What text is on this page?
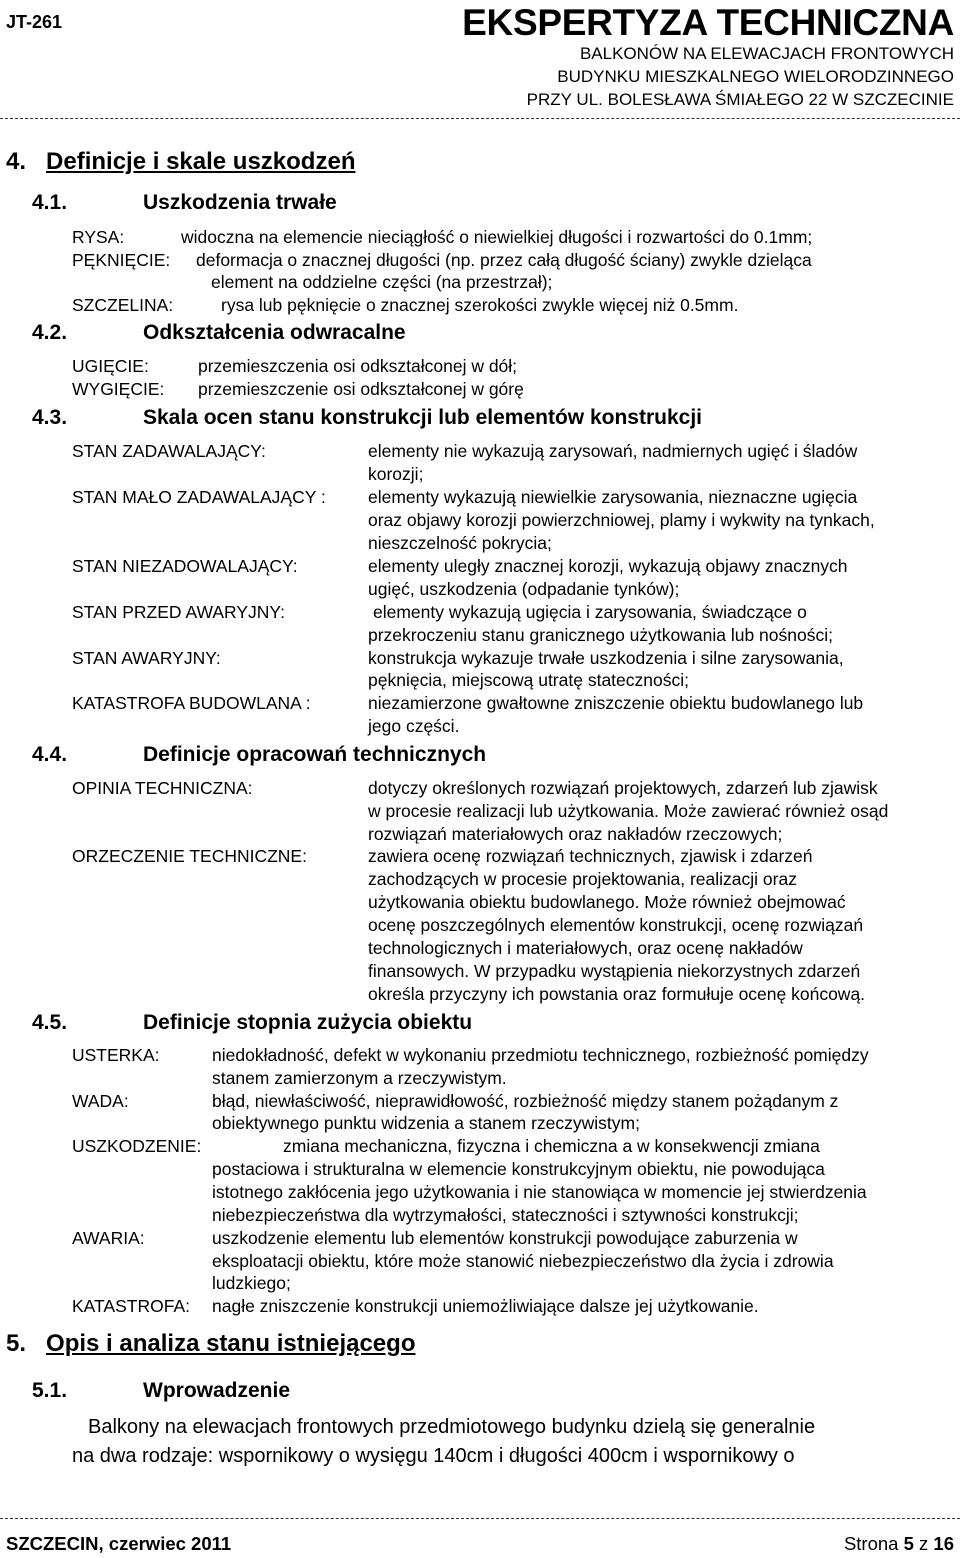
JT-261	EKSPERTYZA TECHNICZNA
BALKONÓW NA ELEWACJACH FRONTOWYCH
BUDYNKU MIESZKALNEGO WIELORODZINNEGO
PRZY UL. BOLESŁAWA ŚMIAŁEGO 22 W SZCZECINIE
4. Definicje i skale uszkodzeń
4.1.	Uszkodzenia trwałe
RYSA:	widoczna na elemencie nieciągłość o niewielkiej długości i rozwartości do 0.1mm;
PĘKNIĘCIE: deformacja o znacznej długości (np. przez całą długość ściany) zwykle dzieląca
element na oddzielne części (na przestrzał);
SZCZELINA:	rysa lub pęknięcie o znacznej szerokości zwykle więcej niż 0.5mm.
4.2.	Odkształcenia odwracalne
UGIĘCIE:	przemieszczenia osi odkształconej w dół;
WYGIĘCIE: przemieszczenie osi odkształconej w górę
4.3.	Skala ocen stanu konstrukcji lub elementów konstrukcji
STAN ZADAWALAJĄCY:	elementy nie wykazują zarysowań, nadmiernych ugięć i śladów
korozji;
STAN MAŁO ZADAWALAJĄCY : elementy wykazują niewielkie zarysowania, nieznaczne ugięcia
oraz objawy korozji powierzchniowej, plamy i wykwity na tynkach,
nieszczelność pokrycia;
STAN NIEZADOWALAJĄCY:	elementy uległy znacznej korozji, wykazują objawy znacznych
ugięć, uszkodzenia (odpadanie tynków);
STAN PRZED AWARYJNY:	elementy wykazują ugięcia i zarysowania, świadczące o
przekroczeniu stanu granicznego użytkowania lub nośności;
STAN AWARYJNY:	konstrukcja wykazuje trwałe uszkodzenia i silne zarysowania,
pęknięcia, miejscową utratę stateczności;
KATASTROFA BUDOWLANA :	niezamierzone gwałtowne zniszczenie obiektu budowlanego lub
jego części.
4.4.	Definicje opracowań technicznych
OPINIA TECHNICZNA:	dotyczy określonych rozwiązań projektowych, zdarzeń lub zjawisk
w procesie realizacji lub użytkowania. Może zawierać również osąd
rozwiązań materiałowych oraz nakładów rzeczowych;
ORZECZENIE TECHNICZNE:	zawiera ocenę rozwiązań technicznych, zjawisk i zdarzeń
zachodzących w procesie projektowania, realizacji oraz
użytkowania obiektu budowlanego. Może również obejmować
ocenę poszczególnych elementów konstrukcji, ocenę rozwiązań
technologicznych i materiałowych, oraz ocenę nakładów
finansowych. W przypadku wystąpienia niekorzystnych zdarzeń
określa przyczyny ich powstania oraz formułuje ocenę końcową.
4.5.	Definicje stopnia zużycia obiektu
USTERKA:	niedokładność, defekt w wykonaniu przedmiotu technicznego, rozbieżność pomiędzy
stanem zamierzonym a rzeczywistym.
WADA:	błąd, niewłaściwość, nieprawidłowość, rozbieżność między stanem pożądanym z
obiektywnego punktu widzenia a stanem rzeczywistym;
USZKODZENIE:	zmiana mechaniczna, fizyczna i chemiczna a w konsekwencji zmiana
postaciowa i strukturalna w elemencie konstrukcyjnym obiektu, nie powodująca
istotnego zakłócenia jego użytkowania i nie stanowiąca w momencie jej stwierdzenia
niebezpieczeństwa dla wytrzymałości, stateczności i sztywności konstrukcji;
AWARIA:	uszkodzenie elementu lub elementów konstrukcji powodujące zaburzenia w
eksploatacji obiektu, które może stanowić niebezpieczeństwo dla życia i zdrowia
ludzkiego;
KATASTROFA: nagłe zniszczenie konstrukcji uniemożliwiające dalsze jej użytkowanie.
5. Opis i analiza stanu istniejącego
5.1.	Wprowadzenie
Balkony na elewacjach frontowych przedmiotowego budynku dzielą się generalnie
na dwa rodzaje: wspornikowy o wysięgu 140cm i długości 400cm i wspornikowy o
SZCZECIN, czerwiec 2011	Strona 5 z 16
